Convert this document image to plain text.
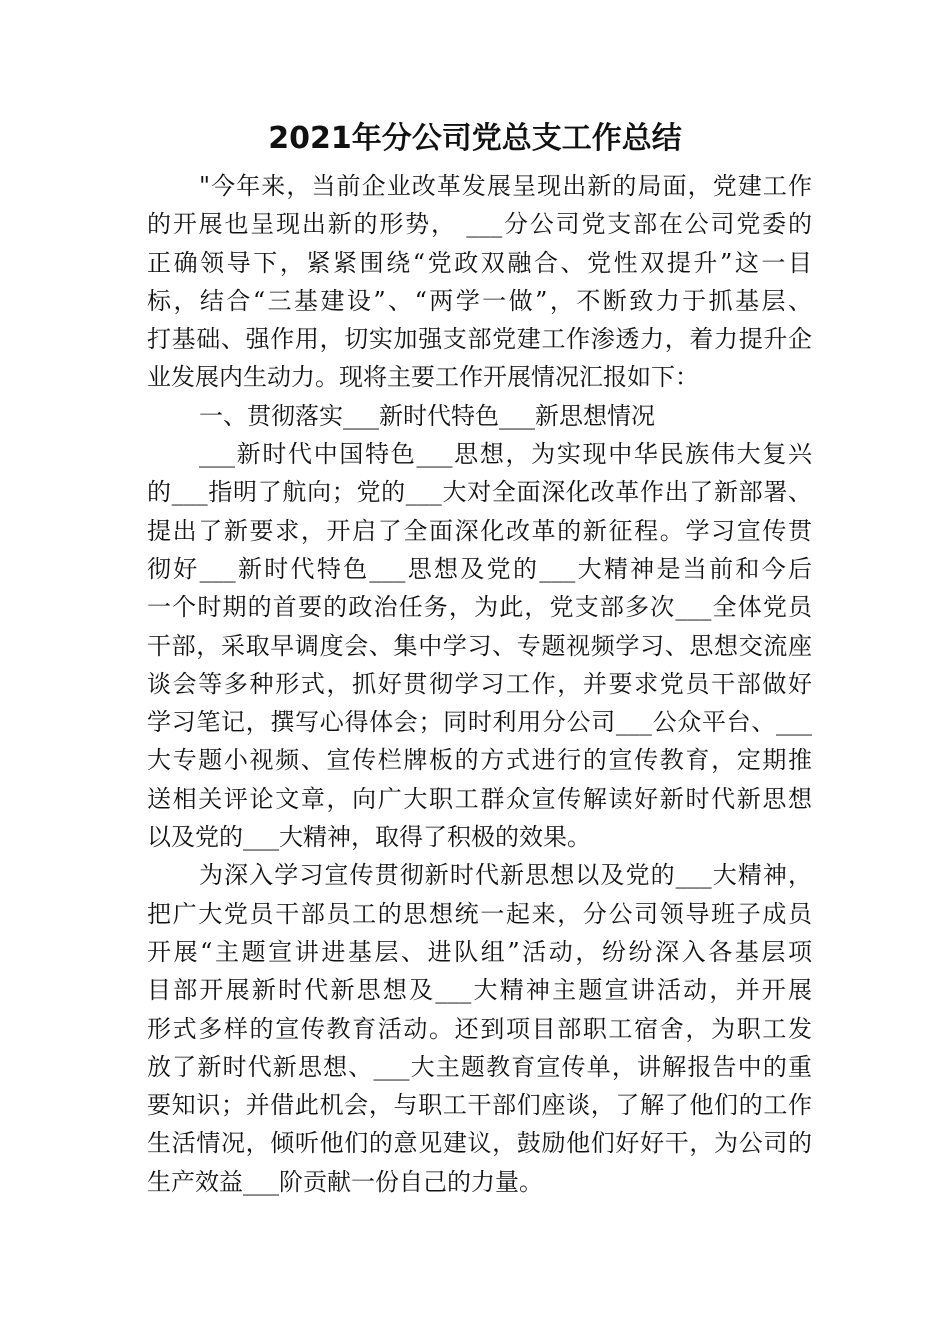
2021年分公司党总支工作总结
"今年来，当前企业改革发展呈现出新的局面，党建工作
的开展也呈现出新的形势， ___分公司党支部在公司党委的
正确领导下，紧紧围绕“党政双融合、党性双提升”这一目
标，结合“三基建设”、“两学一做”，不断致力于抓基层、
打基础、强作用，切实加强支部党建工作渗透力，着力提升企
业发展内生动力。现将主要工作开展情况汇报如下：
一、贯彻落实___新时代特色___新思想情况
___新时代中国特色___思想，为实现中华民族伟大复兴
的___指明了航向；党的___大对全面深化改革作出了新部署、
提出了新要求，开启了全面深化改革的新征程。学习宣传贯
彻好___新时代特色___思想及党的___大精神是当前和今后
一个时期的首要的政治任务，为此，党支部多次___全体党员
干部，采取早调度会、集中学习、专题视频学习、思想交流座
谈会等多种形式，抓好贯彻学习工作，并要求党员干部做好
学习笔记，撰写心得体会；同时利用分公司___公众平台、___
大专题小视频、宣传栏牌板的方式进行的宣传教育，定期推
送相关评论文章，向广大职工群众宣传解读好新时代新思想
以及党的___大精神，取得了积极的效果。
为深入学习宣传贯彻新时代新思想以及党的___大精神，
把广大党员干部员工的思想统一起来，分公司领导班子成员
开展“主题宣讲进基层、进队组”活动，纷纷深入各基层项
目部开展新时代新思想及___大精神主题宣讲活动，并开展
形式多样的宣传教育活动。还到项目部职工宿舍，为职工发
放了新时代新思想、___大主题教育宣传单，讲解报告中的重
要知识；并借此机会，与职工干部们座谈，了解了他们的工作
生活情况，倾听他们的意见建议，鼓励他们好好干，为公司的
生产效益___阶贡献一份自己的力量。
